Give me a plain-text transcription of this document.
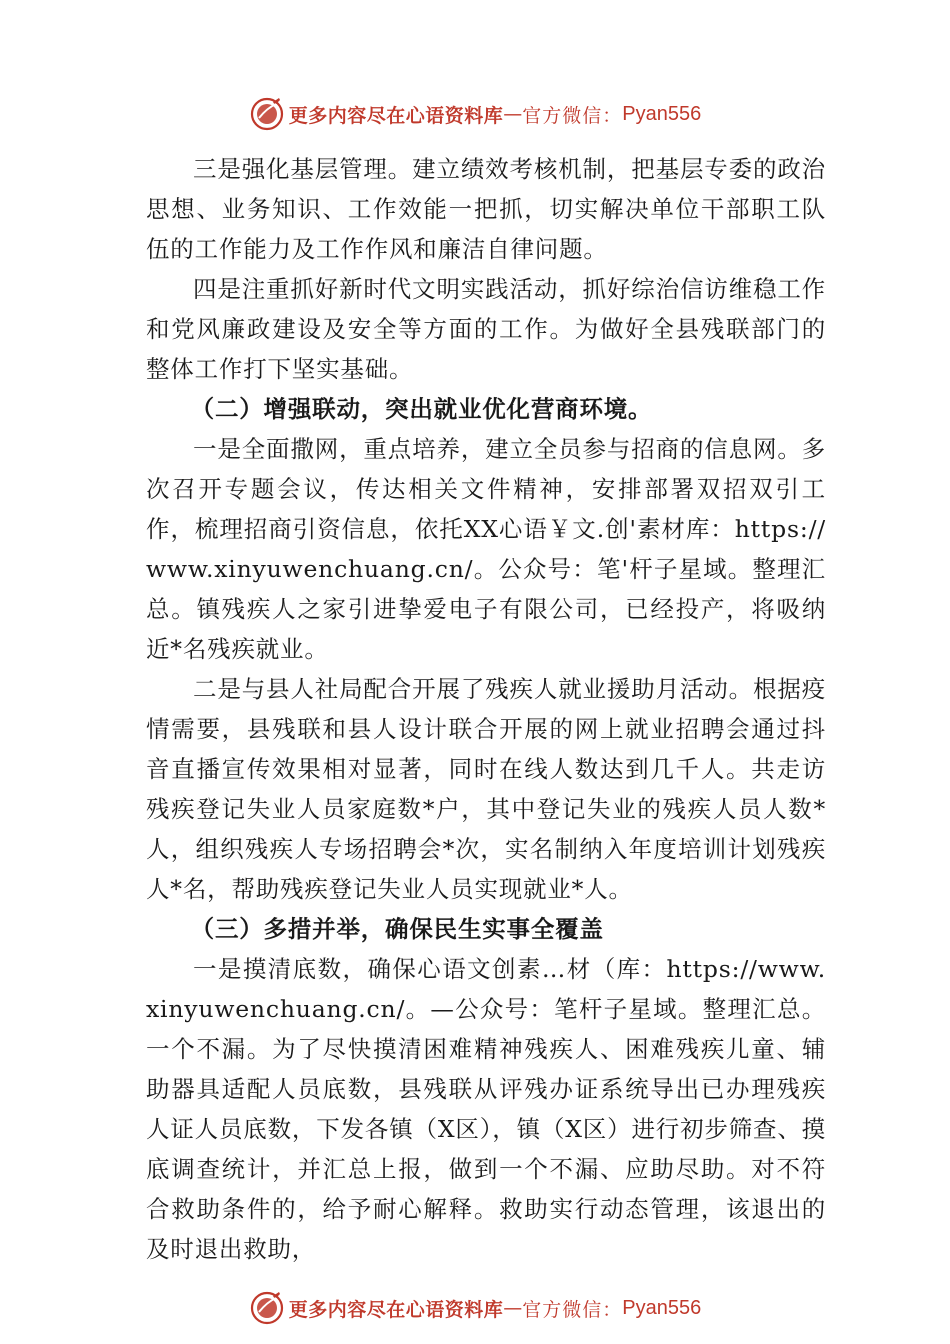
更多内容尽在心语资料库 — 官方微信： Pyan556

三是强化基层管理。建立绩效考核机制，把基层专委的政治思想、业务知识、工作效能一把抓，切实解决单位干部职工队伍的工作能力及工作作风和廉洁自律问题。

四是注重抓好新时代文明实践活动，抓好综治信访维稳工作和党风廉政建设及安全等方面的工作。为做好全县残联部门的整体工作打下坚实基础。

（二）增强联动，突出就业优化营商环境。

一是全面撒网，重点培养，建立全员参与招商的信息网。多次召开专题会议，传达相关文件精神，安排部署双招双引工作，梳理招商引资信息，依托XX心语￥文.创'素材库：https://www.xinyuwenchuang.cn/。公众号：笔'杆子星域。整理汇总。镇残疾人之家引进挚爱电子有限公司，已经投产，将吸纳近*名残疾就业。

二是与县人社局配合开展了残疾人就业援助月活动。根据疫情需要，县残联和县人设计联合开展的网上就业招聘会通过抖音直播宣传效果相对显著，同时在线人数达到几千人。共走访残疾登记失业人员家庭数*户，其中登记失业的残疾人员人数*人，组织残疾人专场招聘会*次，实名制纳入年度培训计划残疾人*名，帮助残疾登记失业人员实现就业*人。

（三）多措并举，确保民生实事全覆盖

一是摸清底数，确保心语文创素…材（库：https://www.xinyuwenchuang.cn/。—公众号：笔杆子星域。整理汇总。一个不漏。为了尽快摸清困难精神残疾人、困难残疾儿童、辅助器具适配人员底数，县残联从评残办证系统导出已办理残疾人证人员底数，下发各镇（X区），镇（X区）进行初步筛查、摸底调查统计，并汇总上报，做到一个不漏、应助尽助。对不符合救助条件的，给予耐心解释。救助实行动态管理，该退出的及时退出救助，

更多内容尽在心语资料库 — 官方微信： Pyan556
